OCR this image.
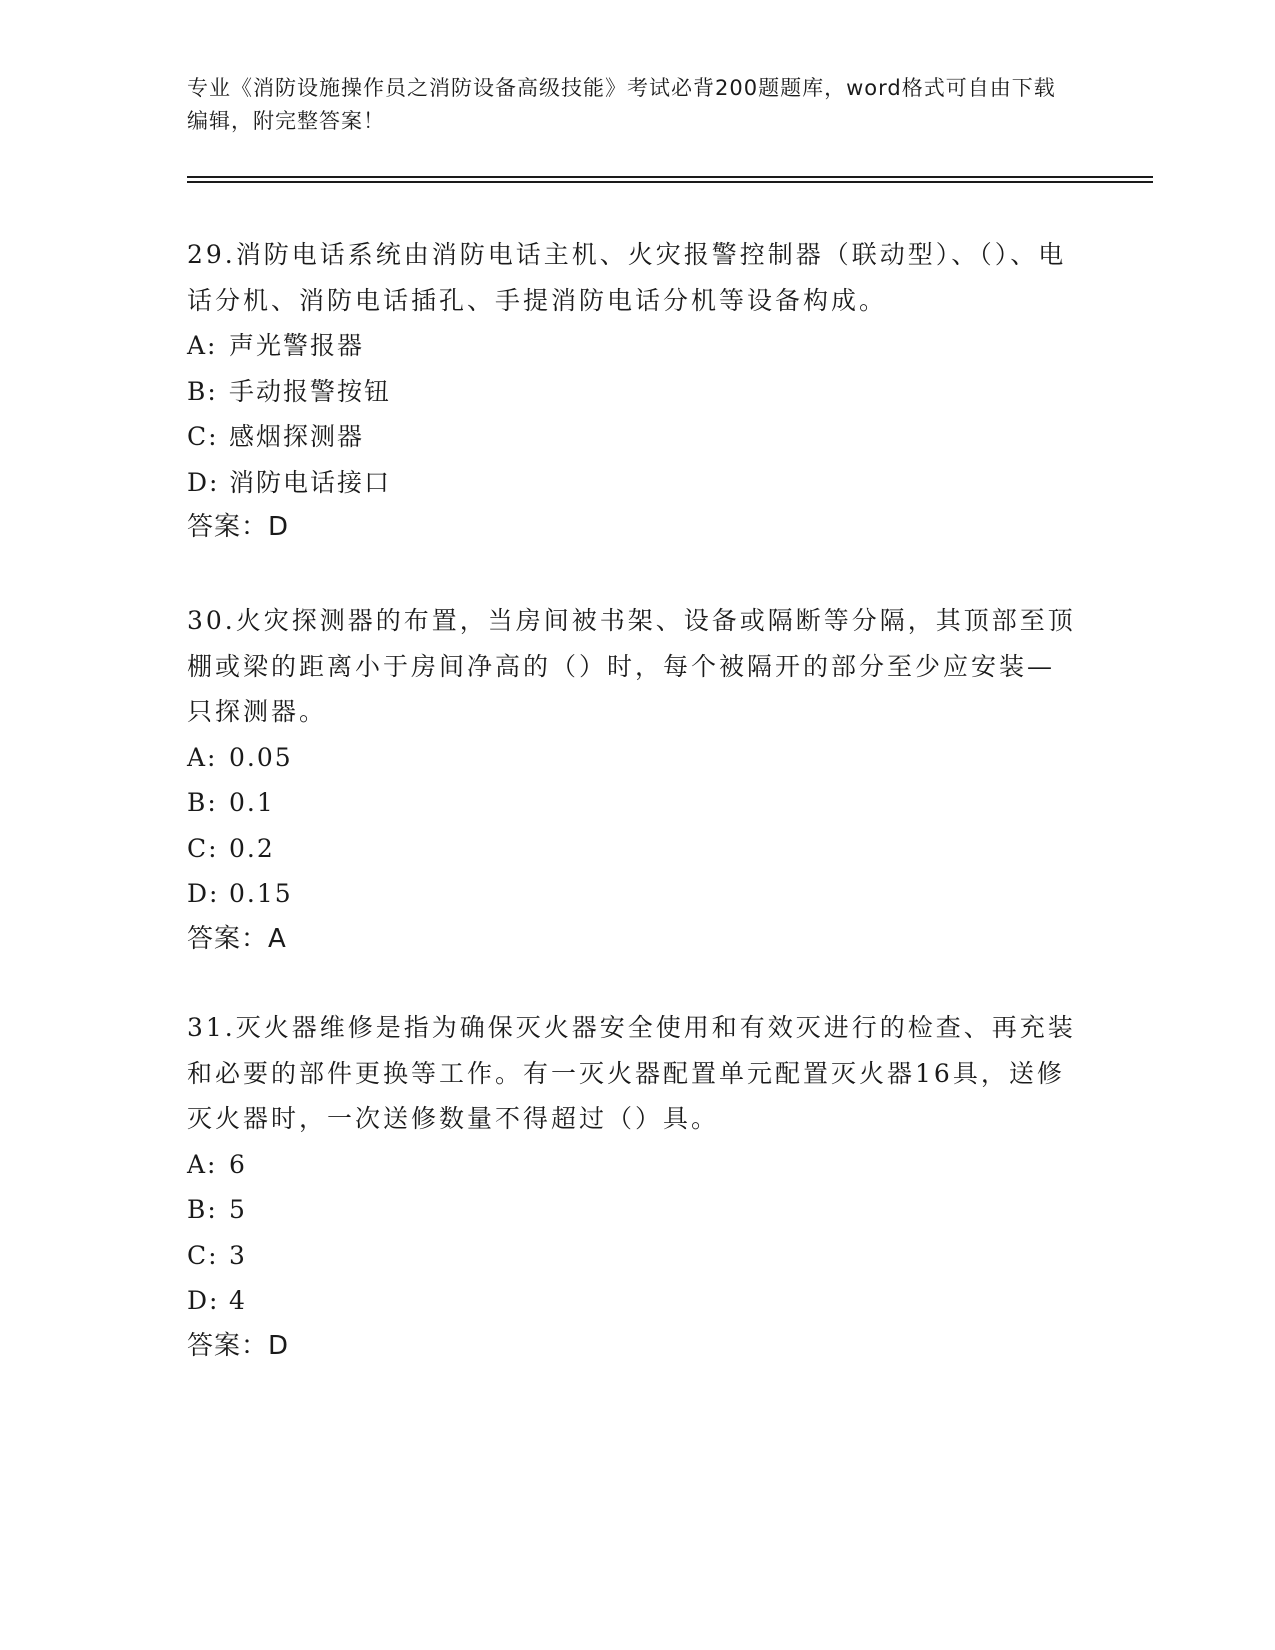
专业《消防设施操作员之消防设备高级技能》考试必背200题题库，word格式可自由下载编辑，附完整答案！

29.消防电话系统由消防电话主机、火灾报警控制器（联动型）、（）、电话分机、消防电话插孔、手提消防电话分机等设备构成。

A: 声光警报器

B: 手动报警按钮

C: 感烟探测器

D: 消防电话接口

答案：D

30.火灾探测器的布置，当房间被书架、设备或隔断等分隔，其顶部至顶棚或梁的距离小于房间净高的（）时，每个被隔开的部分至少应安装—只探测器。

A: 0.05

B: 0.1

C: 0.2

D: 0.15

答案：A

31.灭火器维修是指为确保灭火器安全使用和有效灭进行的检查、再充装和必要的部件更换等工作。有一灭火器配置单元配置灭火器16具，送修灭火器时，一次送修数量不得超过（）具。

A: 6

B: 5

C: 3

D: 4

答案：D
